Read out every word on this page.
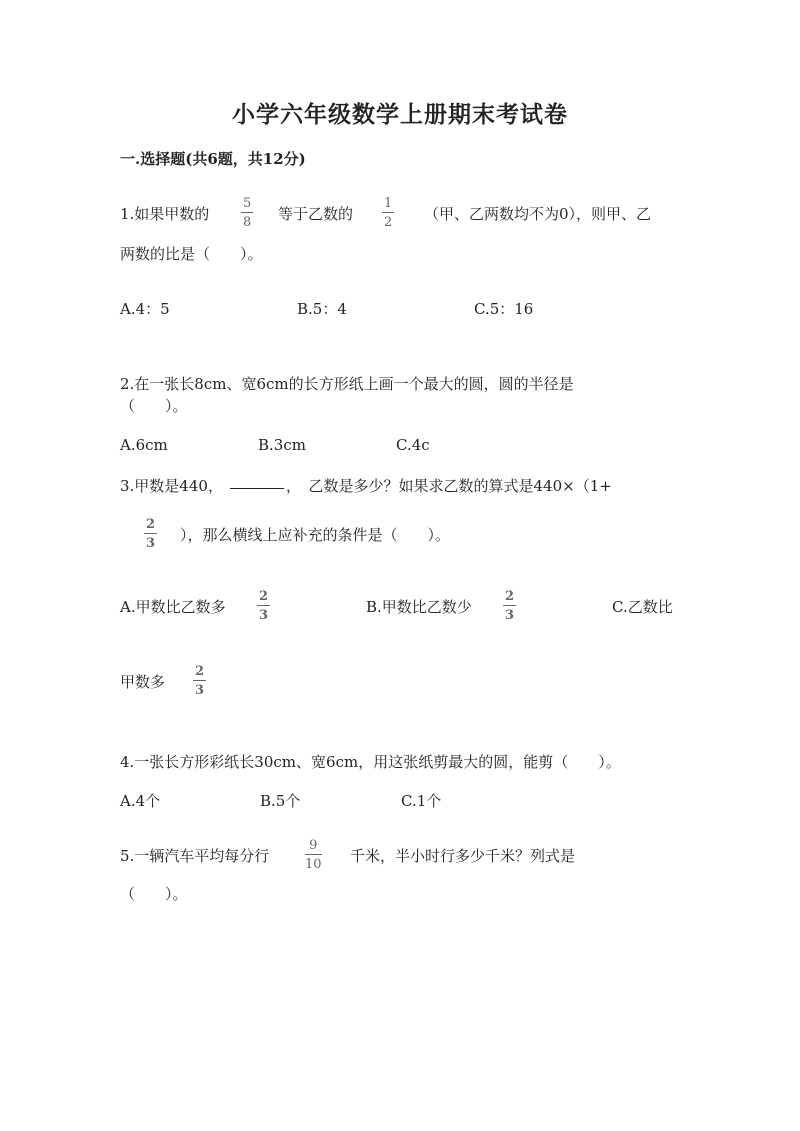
小学六年级数学上册期末考试卷
一.选择题(共6题，共12分)
1.如果甲数的
5
8 等于乙数的
1
2 （甲、乙两数均不为0），则甲、乙
两数的比是（　　）。
A.4：5	B.5：4	C.5：16
2.在一张长8cm、宽6cm的长方形纸上画一个最大的圆，圆的半径是
（　　）。
A.6cm	B.3cm	C.4c
3.甲数是440，	，　乙数是多少？如果求乙数的算式是440×（1+
2
3 ），那么横线上应补充的条件是（　　）。
A.甲数比乙数多
2
3	B.甲数比乙数少
2
3	C.乙数比
甲数多
2
3
4.一张长方形彩纸长30cm、宽6cm，用这张纸剪最大的圆，能剪（　　）。
A.4个	B.5个	C.1个
5.一辆汽车平均每分行
9
10 千米，半小时行多少千米？列式是
（　　）。
